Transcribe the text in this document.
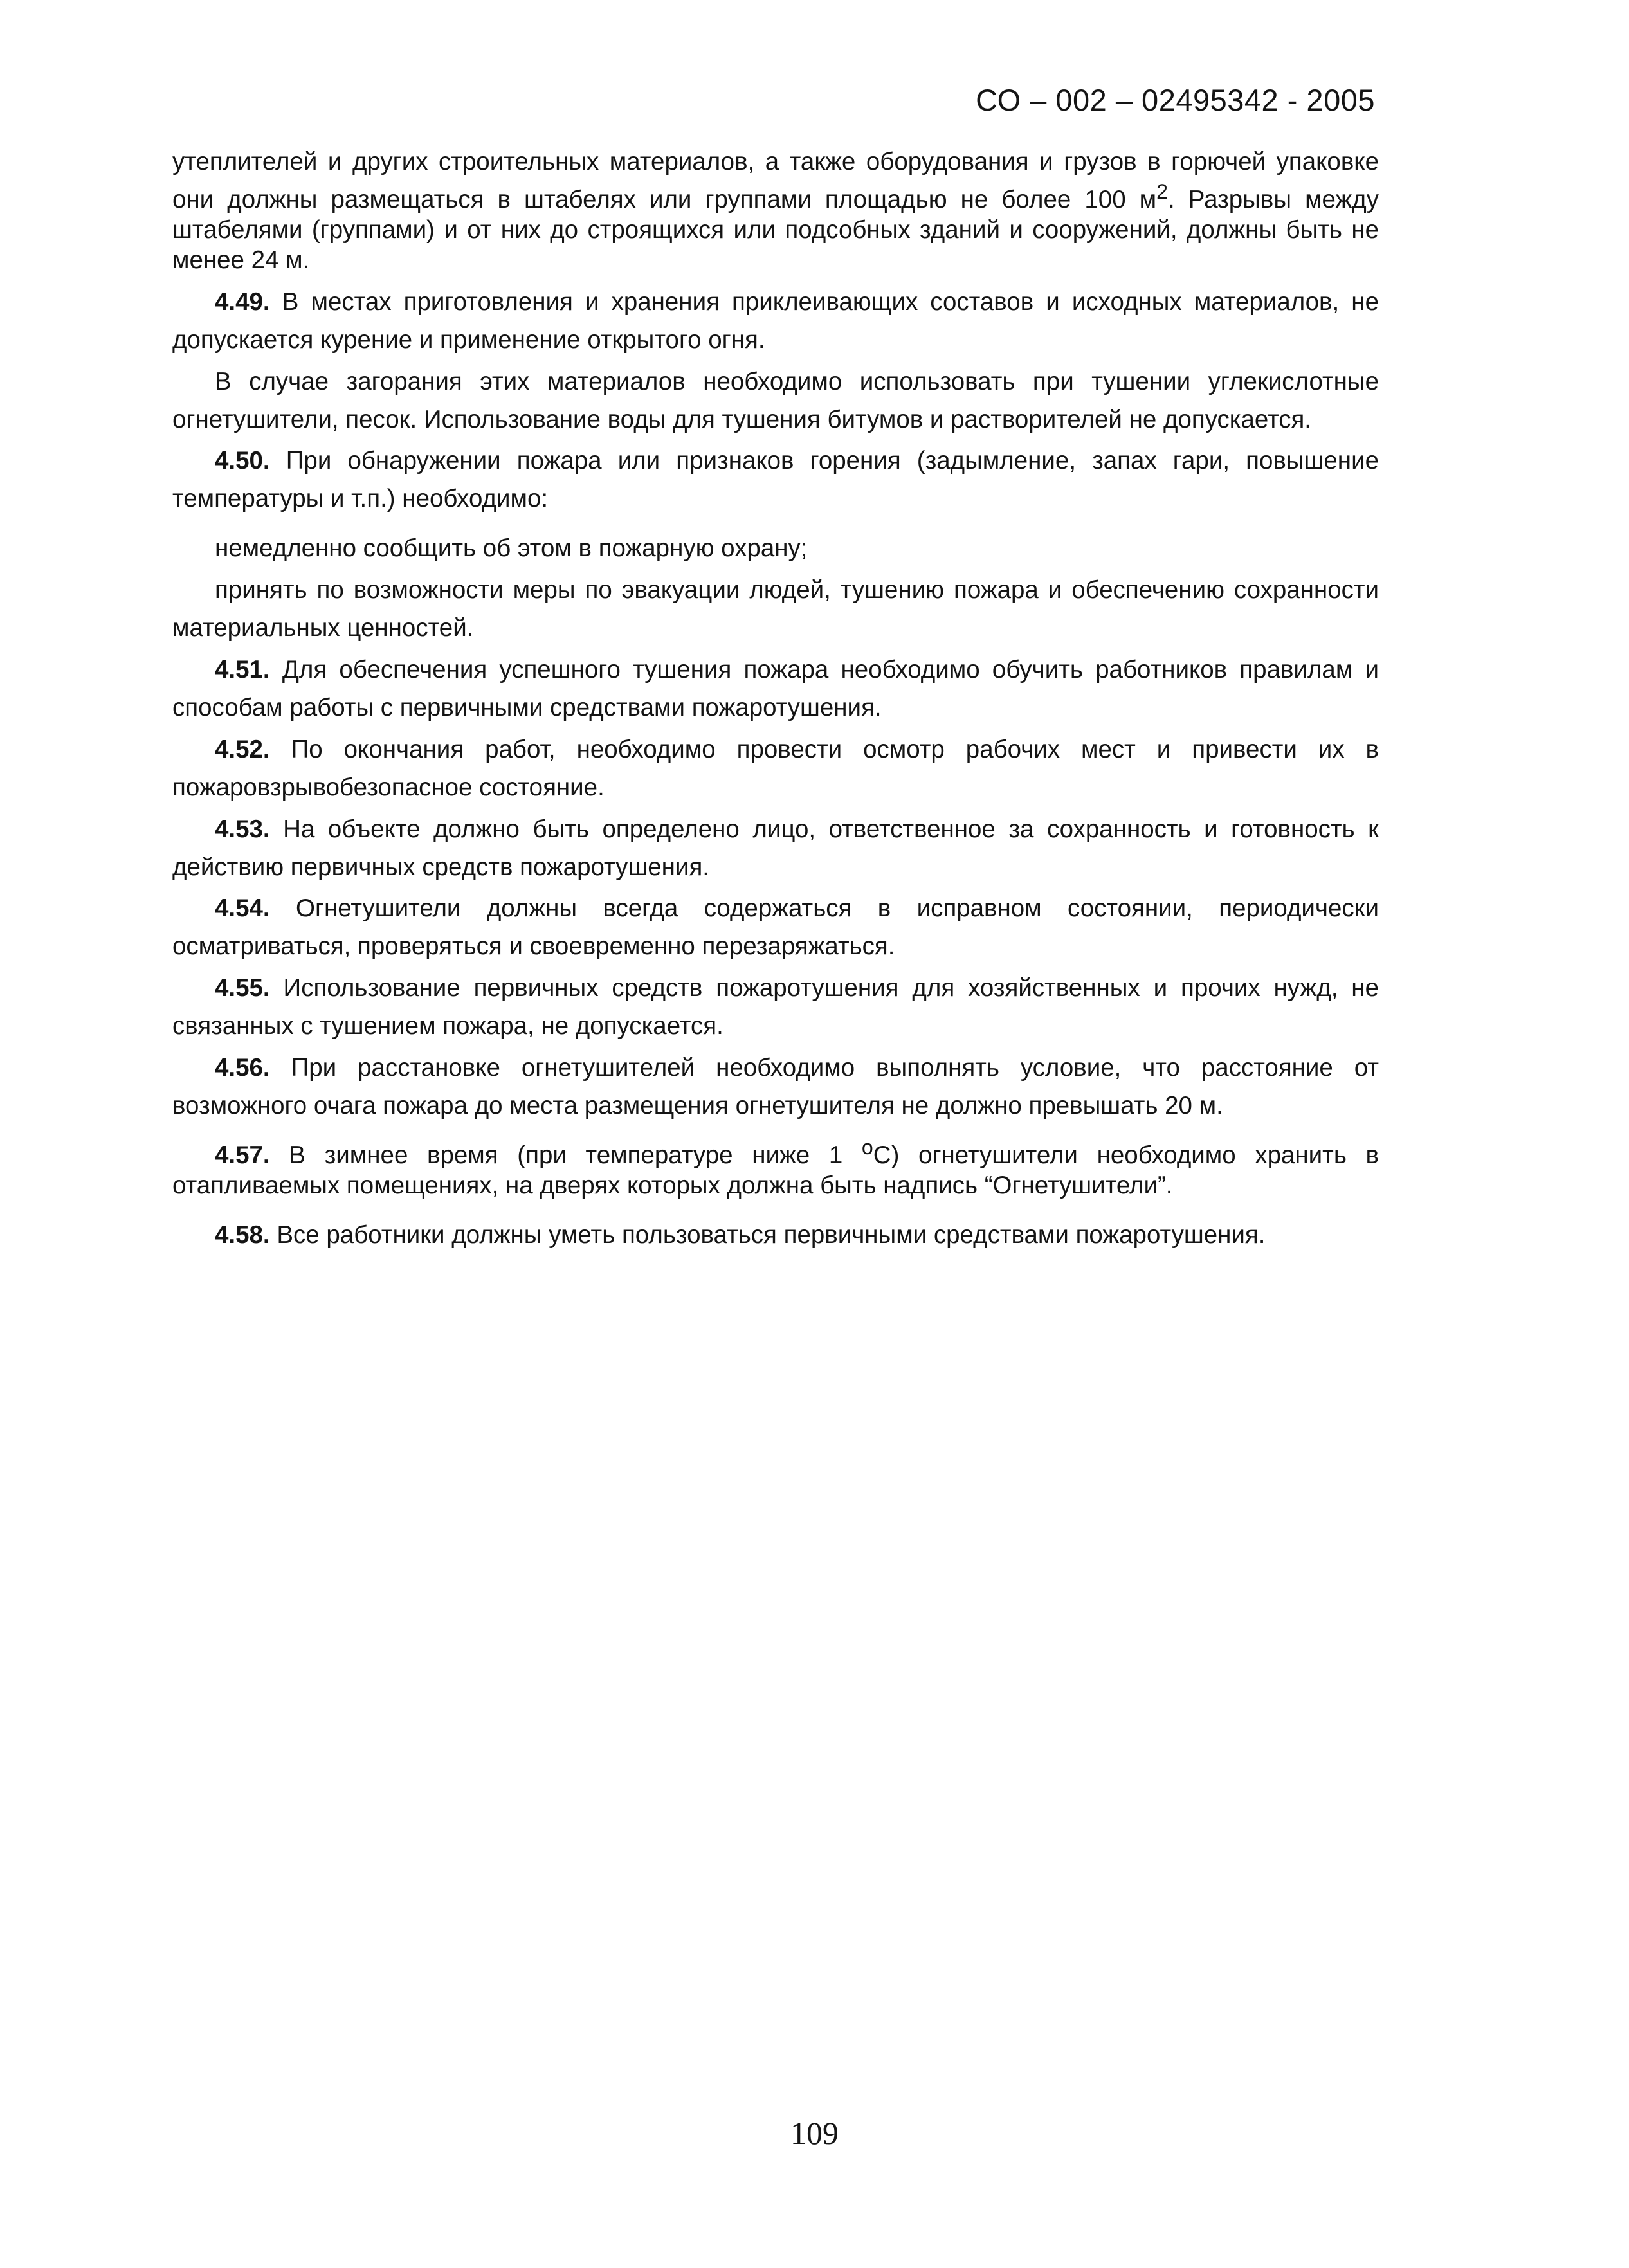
СО – 002 – 02495342 - 2005

утеплителей и других строительных материалов, а также оборудования и грузов в горючей упаковке они должны размещаться в штабелях или группами площадью не более 100 $м^2$. Разрывы между штабелями (группами) и от них до строящихся или подсобных зданий и сооружений, должны быть не менее 24 м.

4.49. В местах приготовления и хранения приклеивающих составов и исходных материалов, не допускается курение и применение открытого огня.

В случае загорания этих материалов необходимо использовать при тушении углекислотные огнетушители, песок. Использование воды для тушения битумов и растворителей не допускается.

4.50. При обнаружении пожара или признаков горения (задымление, запах гари, повышение температуры и т.п.) необходимо:

немедленно сообщить об этом в пожарную охрану;

принять по возможности меры по эвакуации людей, тушению пожара и обеспечению сохранности материальных ценностей.

4.51. Для обеспечения успешного тушения пожара необходимо обучить работников правилам и способам работы с первичными средствами пожаротушения.

4.52. По окончания работ, необходимо провести осмотр рабочих мест и привести их в пожаровзрывобезопасное состояние.

4.53. На объекте должно быть определено лицо, ответственное за сохранность и готовность к действию первичных средств пожаротушения.

4.54. Огнетушители должны всегда содержаться в исправном состоянии, периодически осматриваться, проверяться и своевременно перезаряжаться.

4.55. Использование первичных средств пожаротушения для хозяйственных и прочих нужд, не связанных с тушением пожара, не допускается.

4.56. При расстановке огнетушителей необходимо выполнять условие, что расстояние от возможного очага пожара до места размещения огнетушителя не должно превышать 20 м.

4.57. В зимнее время (при температуре ниже 1 $^о$С) огнетушители необходимо хранить в отапливаемых помещениях, на дверях которых должна быть надпись “Огнетушители”.

4.58. Все работники должны уметь пользоваться первичными средствами пожаротушения.

109
